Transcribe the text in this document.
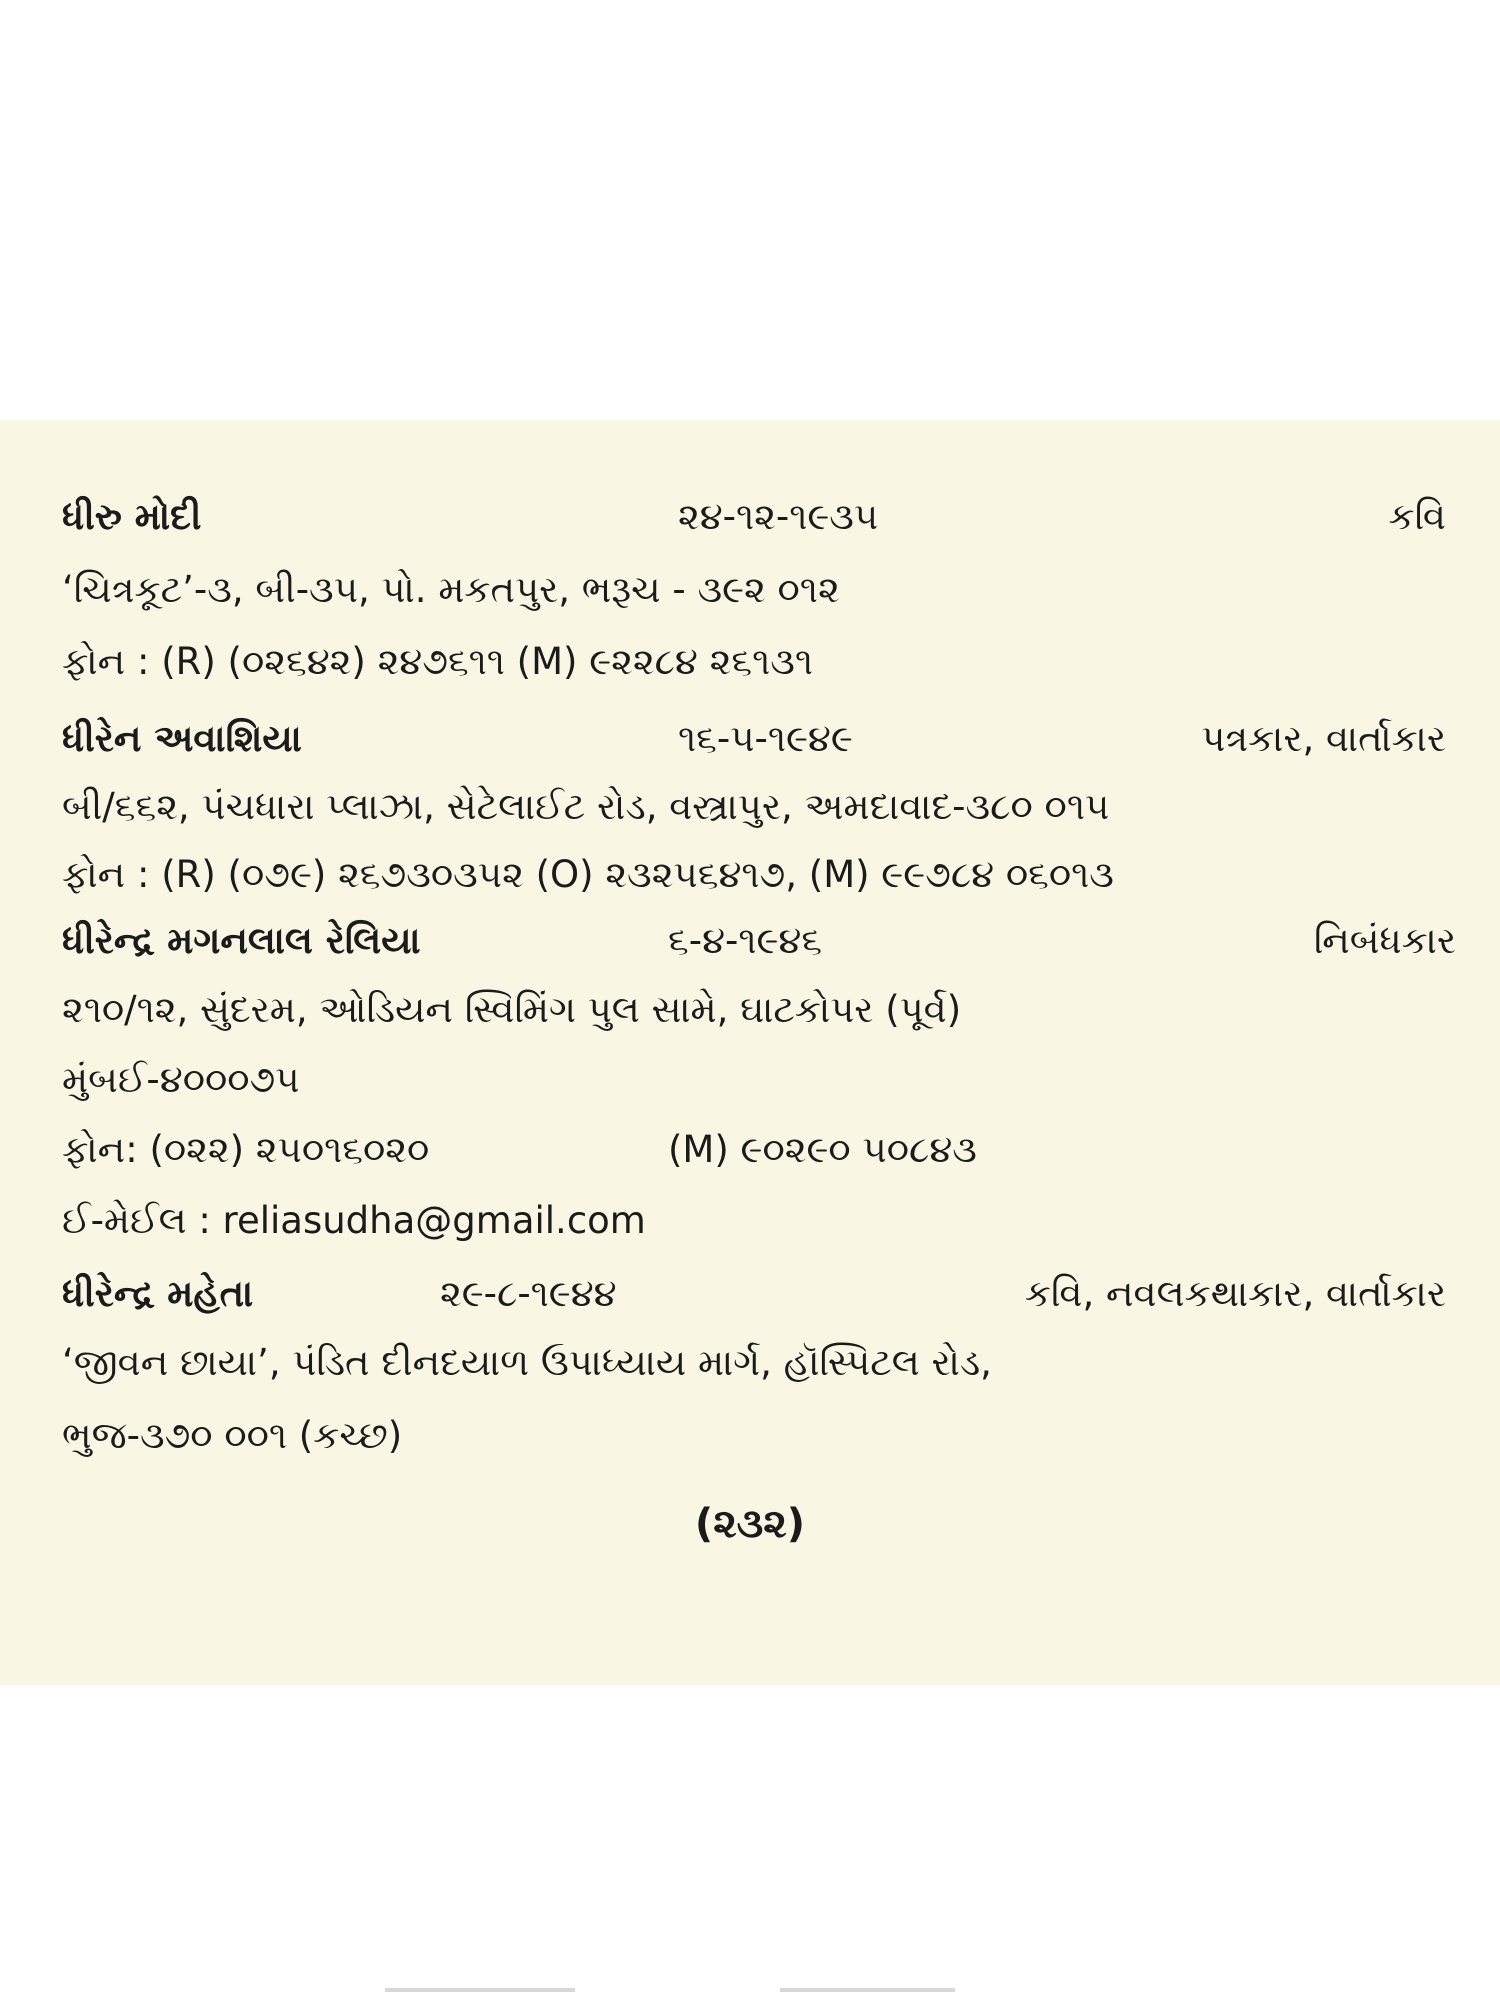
ધીરુ મોદી	૨૪-૧૨-૧૯૩૫	કવિ
‘ચિત્રકૂટ’-૩, બી-૩૫, પો. મકતપુર, ભરૂચ - ૩૯૨ ૦૧૨
ફોન : (R) (૦૨૬૪૨) ૨૪૭૬૧૧ (M) ૯૨૨૮૪ ૨૬૧૩૧
ધીરેન અવાશિયા	૧૬-૫-૧૯૪૯	પત્રકાર, વાર્તાકાર
બી/૬૬૨, પંચધારા પ્લાઝા, સેટેલાઈટ રોડ, વસ્ત્રાપુર, અમદાવાદ-૩૮૦ ૦૧૫
ફોન : (R) (૦૭૯) ૨૬૭૩૦૩૫૨ (O) ૨૩૨૫૬૪૧૭, (M) ૯૯૭૮૪ ૦૬૦૧૩
ધીરેન્દ્ર મગનલાલ રેલિયા	૬-૪-૧૯૪૬	નિબંધકાર
૨૧૦/૧૨, સુંદરમ, ઓડિયન સ્વિમિંગ પુલ સામે, ઘાટકોપર (પૂર્વ)
મુંબઈ-૪૦૦૦૭૫
ફોન: (૦૨૨) ૨૫૦૧૬૦૨૦	(M) ૯૦૨૯૦ ૫૦૮૪૩
ઈ-મેઈલ : reliasudha@gmail.com
ધીરેન્દ્ર મહેતા	૨૯-૮-૧૯૪૪	કવિ, નવલકથાકાર, વાર્તાકાર
‘જીવન છાયા’, પંડિત દીનદયાળ ઉપાધ્યાય માર્ગ, હૉસ્પિટલ રોડ,
ભુજ-૩૭૦ ૦૦૧ (કચ્છ)
(૨૩૨)
